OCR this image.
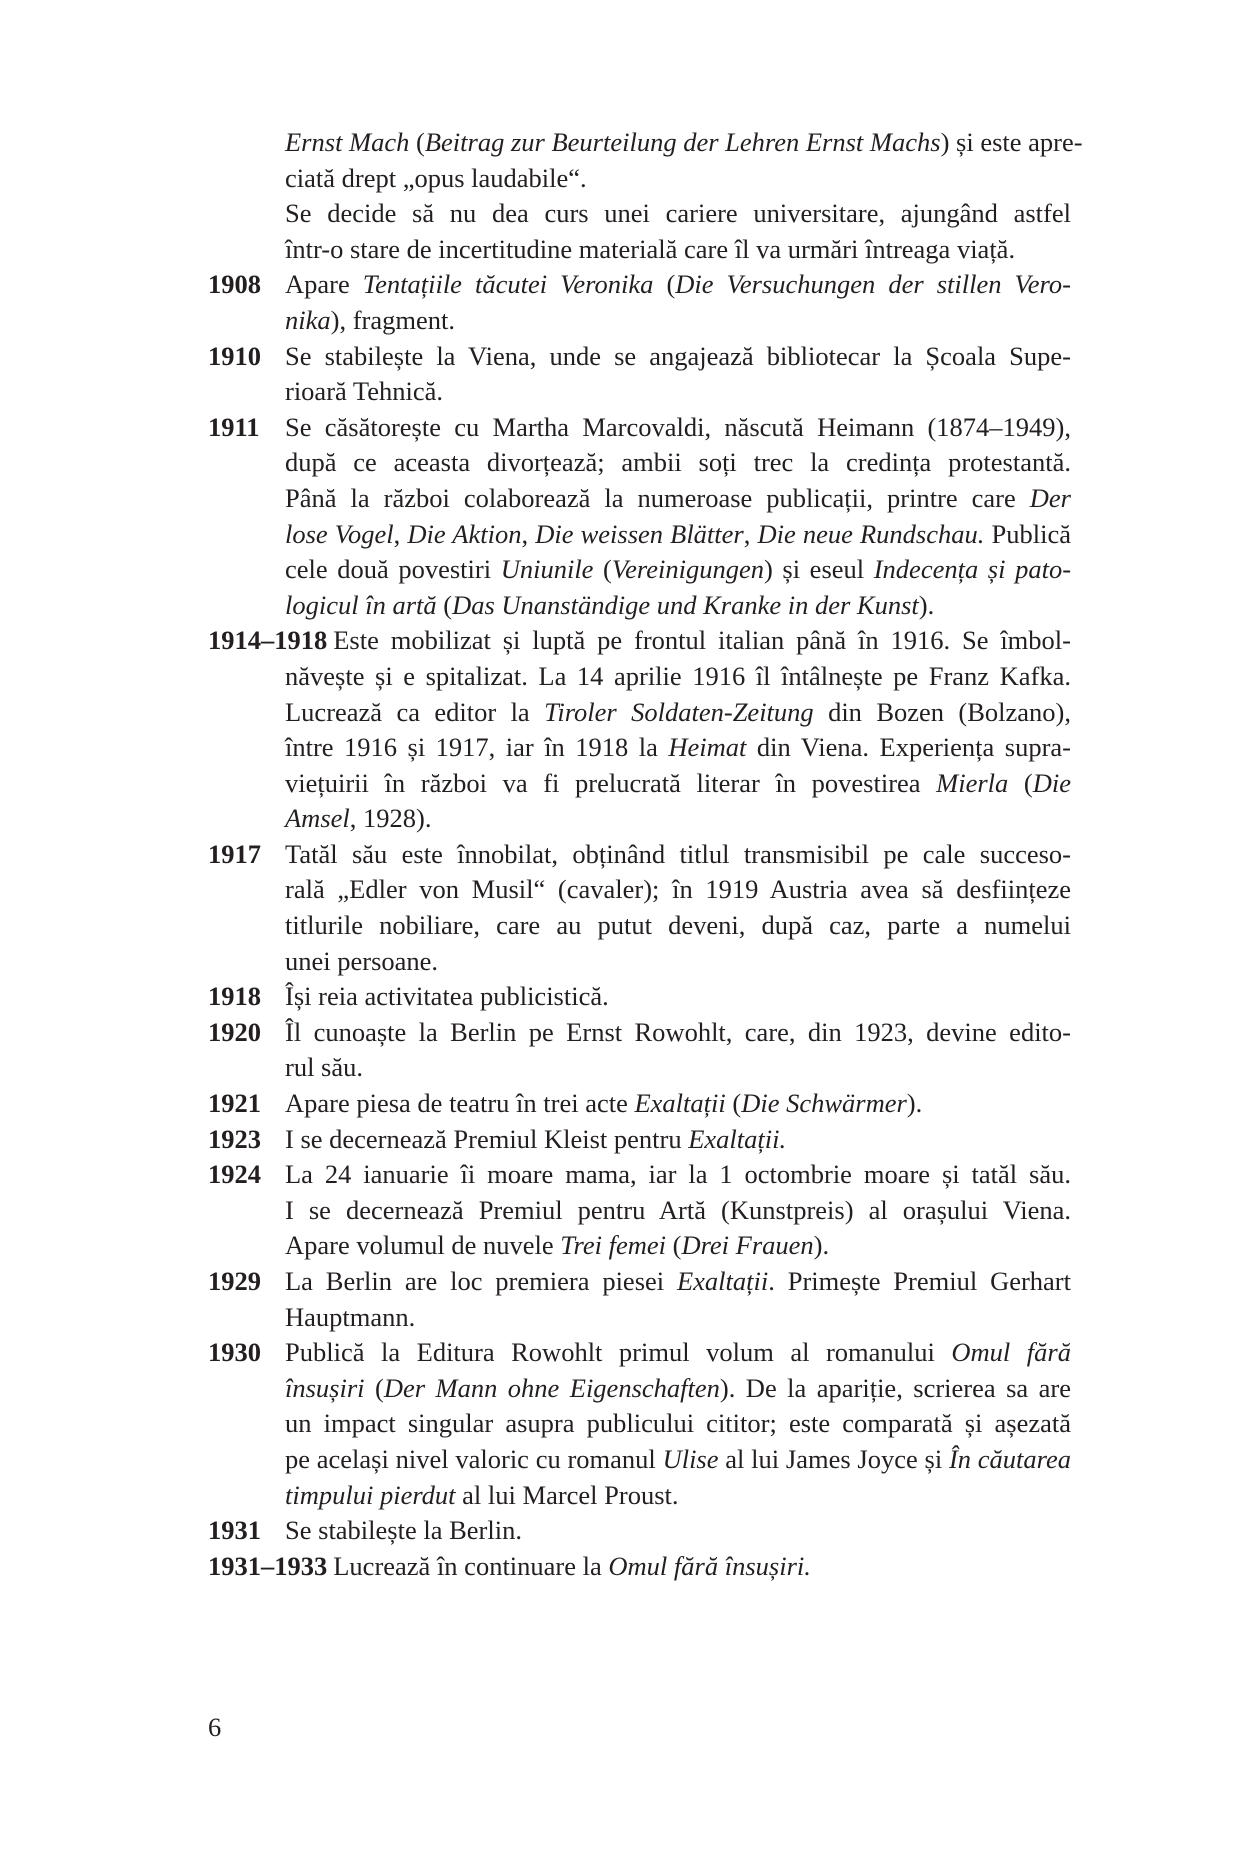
Ernst Mach (Beitrag zur Beurteilung der Lehren Ernst Machs) și este apre-
ciată drept „opus laudabile“.
Se decide să nu dea curs unei cariere universitare, ajungând astfel
într-o stare de incertitudine materială care îl va urmări întreaga viață.
1908 Apare Tentațiile tăcutei Veronika (Die Versuchungen der stillen Vero-
nika), fragment.
1910 Se stabilește la Viena, unde se angajează bibliotecar la Școala Supe-
rioară Tehnică.
1911 Se căsătorește cu Martha Marcovaldi, născută Heimann (1874–1949),
după ce aceasta divorțează; ambii soți trec la credința protestantă.
Până la război colaborează la numeroase publicații, printre care Der
lose Vogel, Die Aktion, Die weissen Blätter, Die neue Rundschau. Publică
cele două povestiri Uniunile (Vereinigungen) și eseul Indecența și pato-
logicul în artă (Das Unanständige und Kranke in der Kunst).
1914–1918 Este mobilizat și luptă pe frontul italian până în 1916. Se îmbol-
năvește și e spitalizat. La 14 aprilie 1916 îl întâlnește pe Franz Kafka.
Lucrează ca editor la Tiroler Soldaten-Zeitung din Bozen (Bolzano),
între 1916 și 1917, iar în 1918 la Heimat din Viena. Experiența supra-
viețuirii în război va fi prelucrată literar în povestirea Mierla (Die
Amsel, 1928).
1917 Tatăl său este înnobilat, obținând titlul transmisibil pe cale succeso-
rală „Edler von Musil“ (cavaler); în 1919 Austria avea să desființeze
titlurile nobiliare, care au putut deveni, după caz, parte a numelui
unei persoane.
1918 Își reia activitatea publicistică.
1920 Îl cunoaște la Berlin pe Ernst Rowohlt, care, din 1923, devine edito-
rul său.
1921 Apare piesa de teatru în trei acte Exaltații (Die Schwärmer).
1923 I se decernează Premiul Kleist pentru Exaltații.
1924 La 24 ianuarie îi moare mama, iar la 1 octombrie moare și tatăl său.
I se decernează Premiul pentru Artă (Kunstpreis) al orașului Viena.
Apare volumul de nuvele Trei femei (Drei Frauen).
1929 La Berlin are loc premiera piesei Exaltații. Primește Premiul Gerhart
Hauptmann.
1930 Publică la Editura Rowohlt primul volum al romanului Omul fără
însușiri (Der Mann ohne Eigenschaften). De la apariție, scrierea sa are
un impact singular asupra publicului cititor; este comparată și așezată
pe același nivel valoric cu romanul Ulise al lui James Joyce și În căutarea
timpului pierdut al lui Marcel Proust.
1931 Se stabilește la Berlin.
1931–1933 Lucrează în continuare la Omul fără însușiri.
6
